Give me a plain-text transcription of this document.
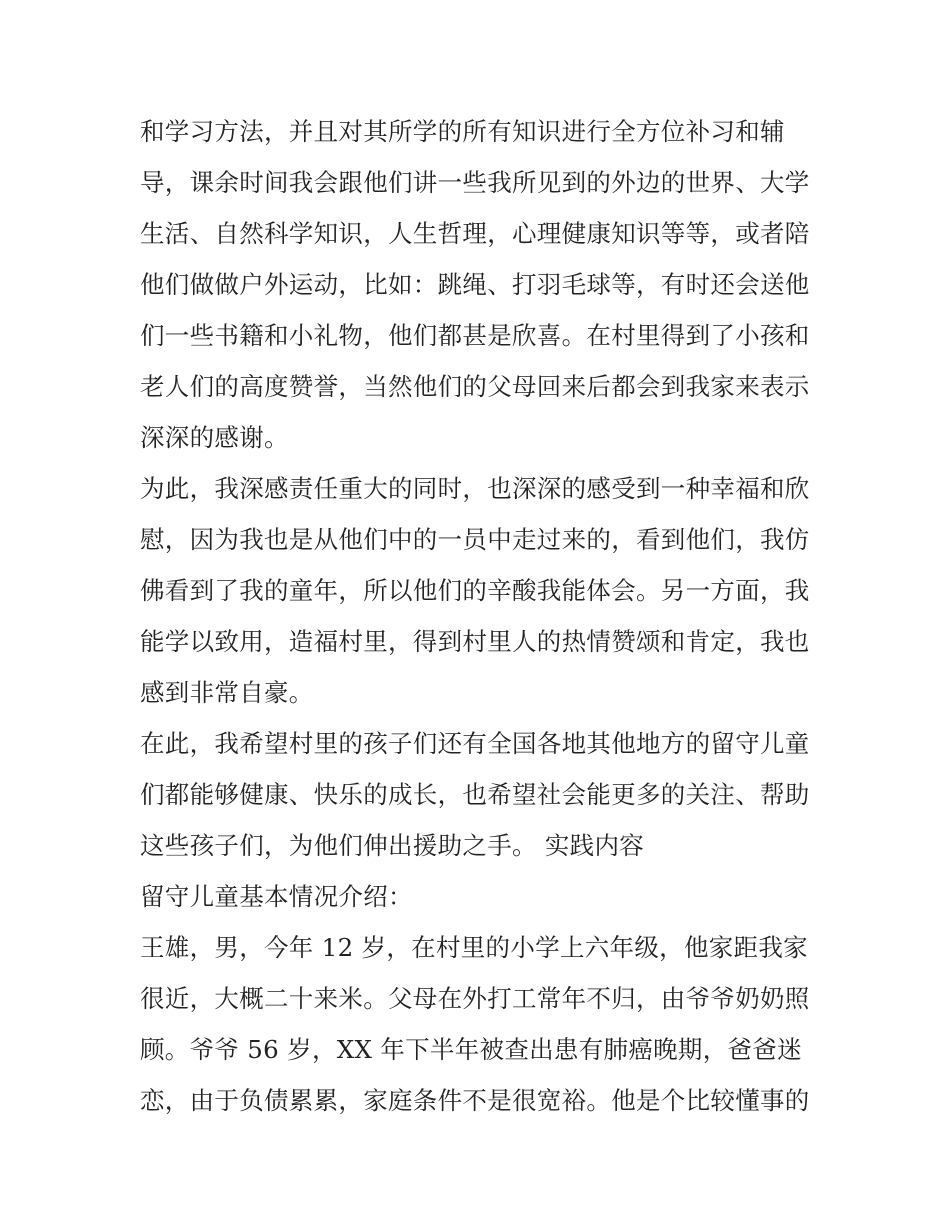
和学习方法，并且对其所学的所有知识进行全方位补习和辅
导，课余时间我会跟他们讲一些我所见到的外边的世界、大学
生活、自然科学知识，人生哲理，心理健康知识等等，或者陪
他们做做户外运动，比如：跳绳、打羽毛球等，有时还会送他
们一些书籍和小礼物，他们都甚是欣喜。在村里得到了小孩和
老人们的高度赞誉，当然他们的父母回来后都会到我家来表示
深深的感谢。
为此，我深感责任重大的同时，也深深的感受到一种幸福和欣
慰，因为我也是从他们中的一员中走过来的，看到他们，我仿
佛看到了我的童年，所以他们的辛酸我能体会。另一方面，我
能学以致用，造福村里，得到村里人的热情赞颂和肯定，我也
感到非常自豪。
在此，我希望村里的孩子们还有全国各地其他地方的留守儿童
们都能够健康、快乐的成长，也希望社会能更多的关注、帮助
这些孩子们，为他们伸出援助之手。 实践内容
留守儿童基本情况介绍：
王雄，男，今年 12 岁，在村里的小学上六年级，他家距我家
很近，大概二十来米。父母在外打工常年不归，由爷爷奶奶照
顾。爷爷 56 岁，XX 年下半年被查出患有肺癌晚期，爸爸迷
恋，由于负债累累，家庭条件不是很宽裕。他是个比较懂事的
